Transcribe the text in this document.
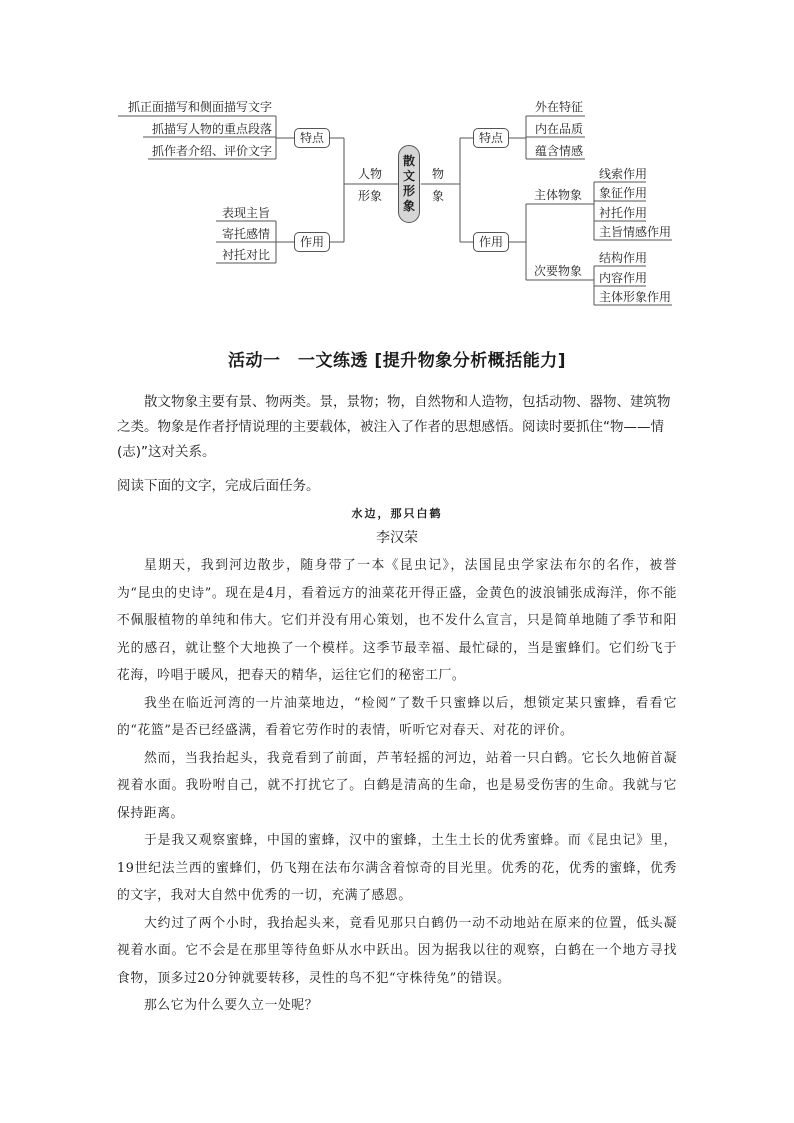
抓正面描写和侧面描写文字
抓描写人物的重点段落
抓作者介绍、评价文字
特点
表现主旨
寄托感情
衬托对比
作用
人物
形象
散
文
形
象
物
象
特点
外在特征
内在品质
蕴含情感
作用
主体物象
次要物象
线索作用
象征作用
衬托作用
主旨情感作用
结构作用
内容作用
主体形象作用
活动一　一文练透 [提升物象分析概括能力]

散文物象主要有景、物两类。景，景物；物，自然物和人造物，包括动物、器物、建筑物之类。物象是作者抒情说理的主要载体，被注入了作者的思想感悟。阅读时要抓住“物——情(志)”这对关系。

阅读下面的文字，完成后面任务。

水边，那只白鹤
李汉荣

星期天，我到河边散步，随身带了一本《昆虫记》，法国昆虫学家法布尔的名作，被誉为“昆虫的史诗”。现在是4月，看着远方的油菜花开得正盛，金黄色的波浪铺张成海洋，你不能不佩服植物的单纯和伟大。它们并没有用心策划，也不发什么宣言，只是简单地随了季节和阳光的感召，就让整个大地换了一个模样。这季节最幸福、最忙碌的，当是蜜蜂们。它们纷飞于花海，吟唱于暖风，把春天的精华，运往它们的秘密工厂。

我坐在临近河湾的一片油菜地边，“检阅”了数千只蜜蜂以后，想锁定某只蜜蜂，看看它的“花篮”是否已经盛满，看着它劳作时的表情，听听它对春天、对花的评价。

然而，当我抬起头，我竟看到了前面，芦苇轻摇的河边，站着一只白鹤。它长久地俯首凝视着水面。我吩咐自己，就不打扰它了。白鹤是清高的生命，也是易受伤害的生命。我就与它保持距离。

于是我又观察蜜蜂，中国的蜜蜂，汉中的蜜蜂，土生土长的优秀蜜蜂。而《昆虫记》里，19世纪法兰西的蜜蜂们，仍飞翔在法布尔满含着惊奇的目光里。优秀的花，优秀的蜜蜂，优秀的文字，我对大自然中优秀的一切，充满了感恩。

大约过了两个小时，我抬起头来，竟看见那只白鹤仍一动不动地站在原来的位置，低头凝视着水面。它不会是在那里等待鱼虾从水中跃出。因为据我以往的观察，白鹤在一个地方寻找食物，顶多过20分钟就要转移，灵性的鸟不犯“守株待兔”的错误。

那么它为什么要久立一处呢？
